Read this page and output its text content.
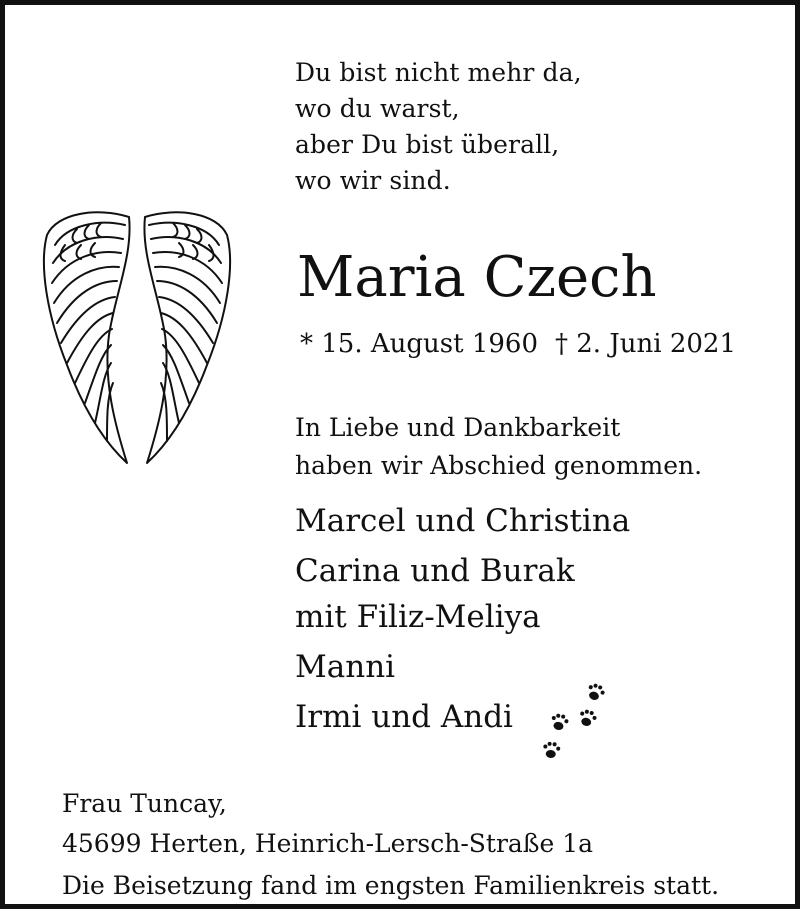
Du bist nicht mehr da,
wo du warst,
aber Du bist überall,
wo wir sind.
Maria Czech
* 15. August 1960 † 2. Juni 2021
In Liebe und Dankbarkeit
haben wir Abschied genommen.
Marcel und Christina
Carina und Burak
mit Filiz-Meliya
Manni
Irmi und Andi
Frau Tuncay,
45699 Herten, Heinrich-Lersch-Straße 1a
Die Beisetzung fand im engsten Familienkreis statt.
